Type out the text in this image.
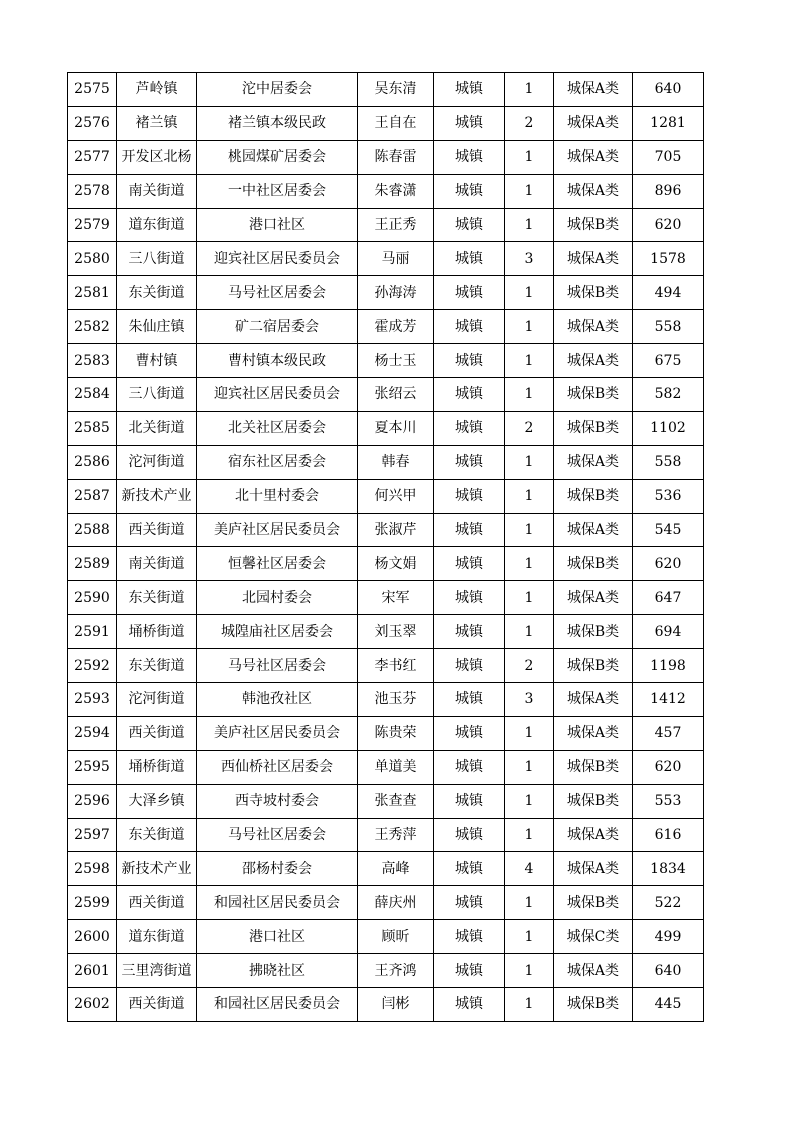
2575	芦岭镇	沱中居委会	吴东清	城镇	1	城保A类	640
2576	褚兰镇	褚兰镇本级民政	王自在	城镇	2	城保A类	1281
2577	开发区北杨	桃园煤矿居委会	陈春雷	城镇	1	城保A类	705
2578	南关街道	一中社区居委会	朱睿潇	城镇	1	城保A类	896
2579	道东街道	港口社区	王正秀	城镇	1	城保B类	620
2580	三八街道	迎宾社区居民委员会	马丽	城镇	3	城保A类	1578
2581	东关街道	马号社区居委会	孙海涛	城镇	1	城保B类	494
2582	朱仙庄镇	矿二宿居委会	霍成芳	城镇	1	城保A类	558
2583	曹村镇	曹村镇本级民政	杨士玉	城镇	1	城保A类	675
2584	三八街道	迎宾社区居民委员会	张绍云	城镇	1	城保B类	582
2585	北关街道	北关社区居委会	夏本川	城镇	2	城保B类	1102
2586	沱河街道	宿东社区居委会	韩春	城镇	1	城保A类	558
2587	新技术产业	北十里村委会	何兴甲	城镇	1	城保B类	536
2588	西关街道	美庐社区居民委员会	张淑芹	城镇	1	城保A类	545
2589	南关街道	恒馨社区居委会	杨文娟	城镇	1	城保B类	620
2590	东关街道	北园村委会	宋军	城镇	1	城保A类	647
2591	埇桥街道	城隍庙社区居委会	刘玉翠	城镇	1	城保B类	694
2592	东关街道	马号社区居委会	李书红	城镇	2	城保B类	1198
2593	沱河街道	韩池孜社区	池玉芬	城镇	3	城保A类	1412
2594	西关街道	美庐社区居民委员会	陈贵荣	城镇	1	城保A类	457
2595	埇桥街道	西仙桥社区居委会	单道美	城镇	1	城保B类	620
2596	大泽乡镇	西寺坡村委会	张查查	城镇	1	城保B类	553
2597	东关街道	马号社区居委会	王秀萍	城镇	1	城保A类	616
2598	新技术产业	邵杨村委会	高峰	城镇	4	城保A类	1834
2599	西关街道	和园社区居民委员会	薛庆州	城镇	1	城保B类	522
2600	道东街道	港口社区	顾昕	城镇	1	城保C类	499
2601	三里湾街道	拂晓社区	王齐鸿	城镇	1	城保A类	640
2602	西关街道	和园社区居民委员会	闫彬	城镇	1	城保B类	445
